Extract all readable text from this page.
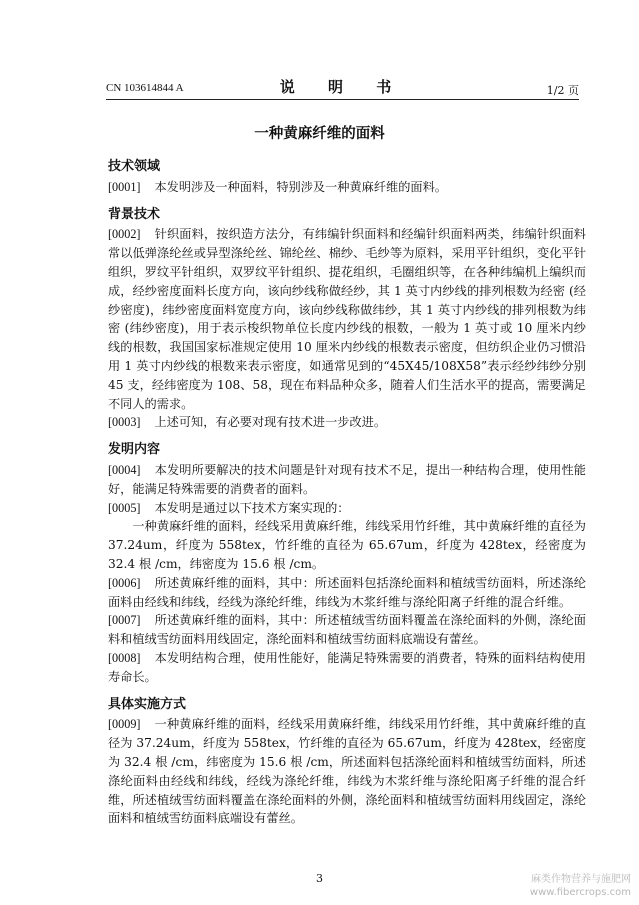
CN 103614844 A	说 明 书	1/2 页
一种黄麻纤维的面料
技术领域
[0001] 本发明涉及一种面料，特别涉及一种黄麻纤维的面料。
背景技术
[0002] 针织面料，按织造方法分，有纬编针织面料和经编针织面料两类，纬编针织面料常以低弹涤纶丝或异型涤纶丝、锦纶丝、棉纱、毛纱等为原料，采用平针组织，变化平针组织，罗纹平针组织，双罗纹平针组织、提花组织，毛圈组织等，在各种纬编机上编织而成，经纱密度面料长度方向，该向纱线称做经纱，其 1 英寸内纱线的排列根数为经密 (经纱密度)，纬纱密度面料宽度方向，该向纱线称做纬纱，其 1 英寸内纱线的排列根数为纬密 (纬纱密度)，用于表示梭织物单位长度内纱线的根数，一般为 1 英寸或 10 厘米内纱线的根数，我国国家标准规定使用 10 厘米内纱线的根数表示密度，但纺织企业仍习惯沿用 1 英寸内纱线的根数来表示密度，如通常见到的“45X45/108X58”表示经纱纬纱分别 45 支，经纬密度为 108、58，现在布料品种众多，随着人们生活水平的提高，需要满足不同人的需求。
[0003] 上述可知，有必要对现有技术进一步改进。
发明内容
[0004] 本发明所要解决的技术问题是针对现有技术不足，提出一种结构合理，使用性能好，能满足特殊需要的消费者的面料。
[0005] 本发明是通过以下技术方案实现的：
一种黄麻纤维的面料，经线采用黄麻纤维，纬线采用竹纤维，其中黄麻纤维的直径为 37.24um，纤度为 558tex，竹纤维的直径为 65.67um，纤度为 428tex，经密度为 32.4 根 /cm，纬密度为 15.6 根 /cm。
[0006] 所述黄麻纤维的面料，其中：所述面料包括涤纶面料和植绒雪纺面料，所述涤纶面料由经线和纬线，经线为涤纶纤维，纬线为木浆纤维与涤纶阳离子纤维的混合纤维。
[0007] 所述黄麻纤维的面料，其中：所述植绒雪纺面料覆盖在涤纶面料的外侧，涤纶面料和植绒雪纺面料用线固定，涤纶面料和植绒雪纺面料底端设有蕾丝。
[0008] 本发明结构合理，使用性能好，能满足特殊需要的消费者，特殊的面料结构使用寿命长。
具体实施方式
[0009] 一种黄麻纤维的面料，经线采用黄麻纤维，纬线采用竹纤维，其中黄麻纤维的直径为 37.24um，纤度为 558tex，竹纤维的直径为 65.67um，纤度为 428tex，经密度为 32.4 根 /cm，纬密度为 15.6 根 /cm，所述面料包括涤纶面料和植绒雪纺面料，所述涤纶面料由经线和纬线，经线为涤纶纤维，纬线为木浆纤维与涤纶阳离子纤维的混合纤维，所述植绒雪纺面料覆盖在涤纶面料的外侧，涤纶面料和植绒雪纺面料用线固定，涤纶面料和植绒雪纺面料底端设有蕾丝。
3	麻类作物营养与施肥网
www.fibercrops.com
